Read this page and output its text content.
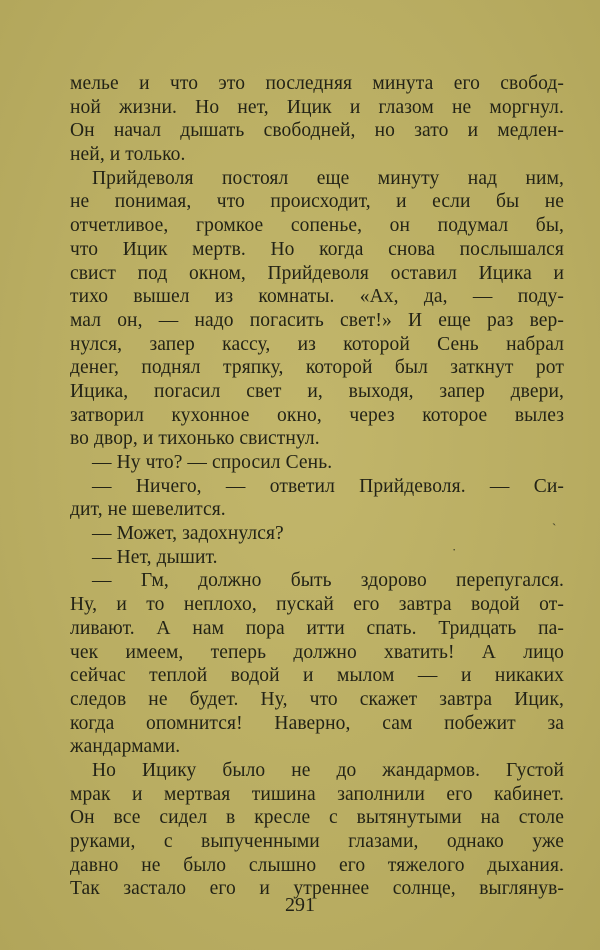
мелье и что это последняя минута его свобод-
ной жизни. Но нет, Ицик и глазом не моргнул.
Он начал дышать свободней, но зато и медлен-
ней, и только.
Прийдеволя постоял еще минуту над ним,
не понимая, что происходит, и если бы не
отчетливое, громкое сопенье, он подумал бы,
что Ицик мертв. Но когда снова послышался
свист под окном, Прийдеволя оставил Ицика и
тихо вышел из комнаты. «Ах, да, — поду-
мал он, — надо погасить свет!» И еще раз вер-
нулся, запер кассу, из которой Сень набрал
денег, поднял тряпку, которой был заткнут рот
Ицика, погасил свет и, выходя, запер двери,
затворил кухонное окно, через которое вылез
во двор, и тихонько свистнул.
— Ну что? — спросил Сень.
— Ничего, — ответил Прийдеволя. — Си-
дит, не шевелится.
— Может, задохнулся?
— Нет, дышит.
— Гм, должно быть здорово перепугался.
Ну, и то неплохо, пускай его завтра водой от-
ливают. А нам пора итти спать. Тридцать па-
чек имеем, теперь должно хватить! А лицо
сейчас теплой водой и мылом — и никаких
следов не будет. Ну, что скажет завтра Ицик,
когда опомнится! Наверно, сам побежит за
жандармами.
Но Ицику было не до жандармов. Густой
мрак и мертвая тишина заполнили его кабинет.
Он все сидел в кресле с вытянутыми на столе
руками, с выпученными глазами, однако уже
давно не было слышно его тяжелого дыхания.
Так застало его и утреннее солнце, выглянув-
291
ˏ
·
